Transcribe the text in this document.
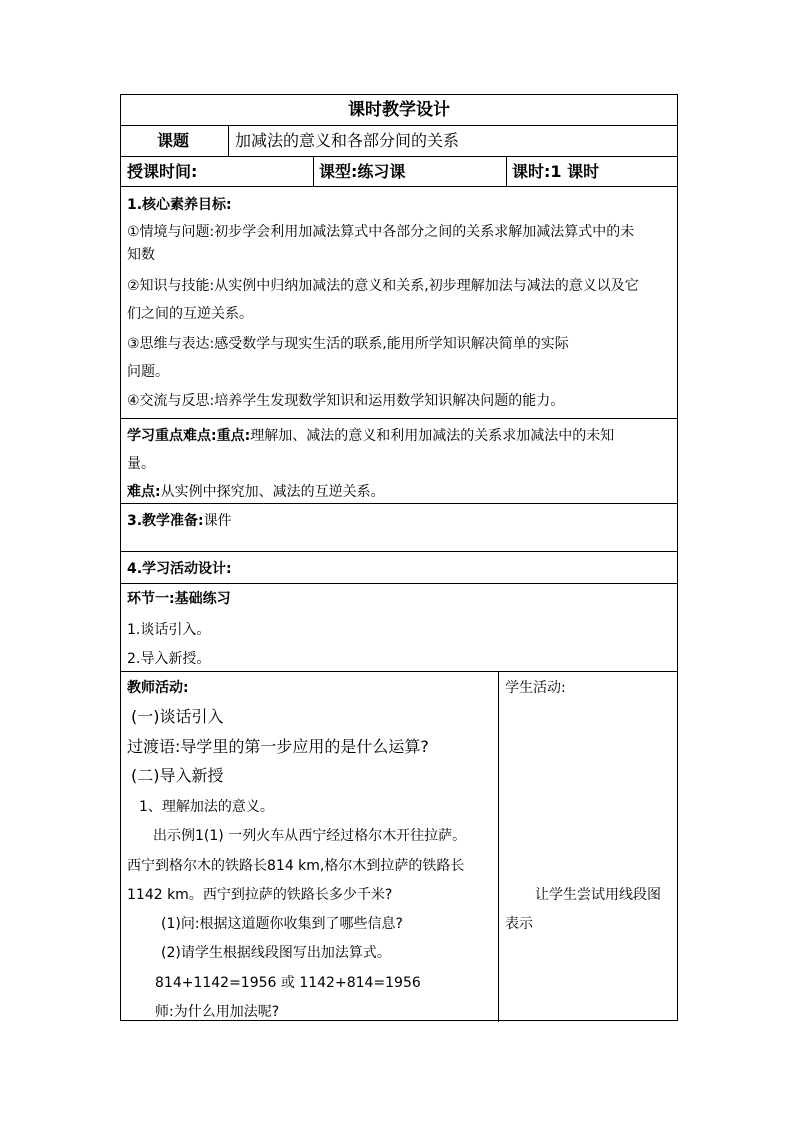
课时教学设计
课题	加减法的意义和各部分间的关系
授课时间:	课型:练习课	课时:1 课时
1.核心素养目标:
①情境与问题:初步学会利用加减法算式中各部分之间的关系求解加减法算式中的未
知数
②知识与技能:从实例中归纳加减法的意义和关系,初步理解加法与减法的意义以及它
们之间的互逆关系。
③思维与表达:感受数学与现实生活的联系,能用所学知识解决简单的实际
问题。
④交流与反思:培养学生发现数学知识和运用数学知识解决问题的能力。
学习重点难点:重点:理解加、减法的意义和利用加减法的关系求加减法中的未知
量。
难点:从实例中探究加、减法的互逆关系。
3.教学准备:课件
4.学习活动设计:
环节一:基础练习
1.谈话引入。
2.导入新授。
教师活动:
(一)谈话引入
过渡语:导学里的第一步应用的是什么运算?
(二)导入新授
1、理解加法的意义。
出示例1(1) 一列火车从西宁经过格尔木开往拉萨。
西宁到格尔木的铁路长814 km,格尔木到拉萨的铁路长
1142 km。西宁到拉萨的铁路长多少千米?
(1)问:根据这道题你收集到了哪些信息?
(2)请学生根据线段图写出加法算式。
814+1142=1956 或 1142+814=1956
师:为什么用加法呢?
学生活动:
让学生尝试用线段图
表示
